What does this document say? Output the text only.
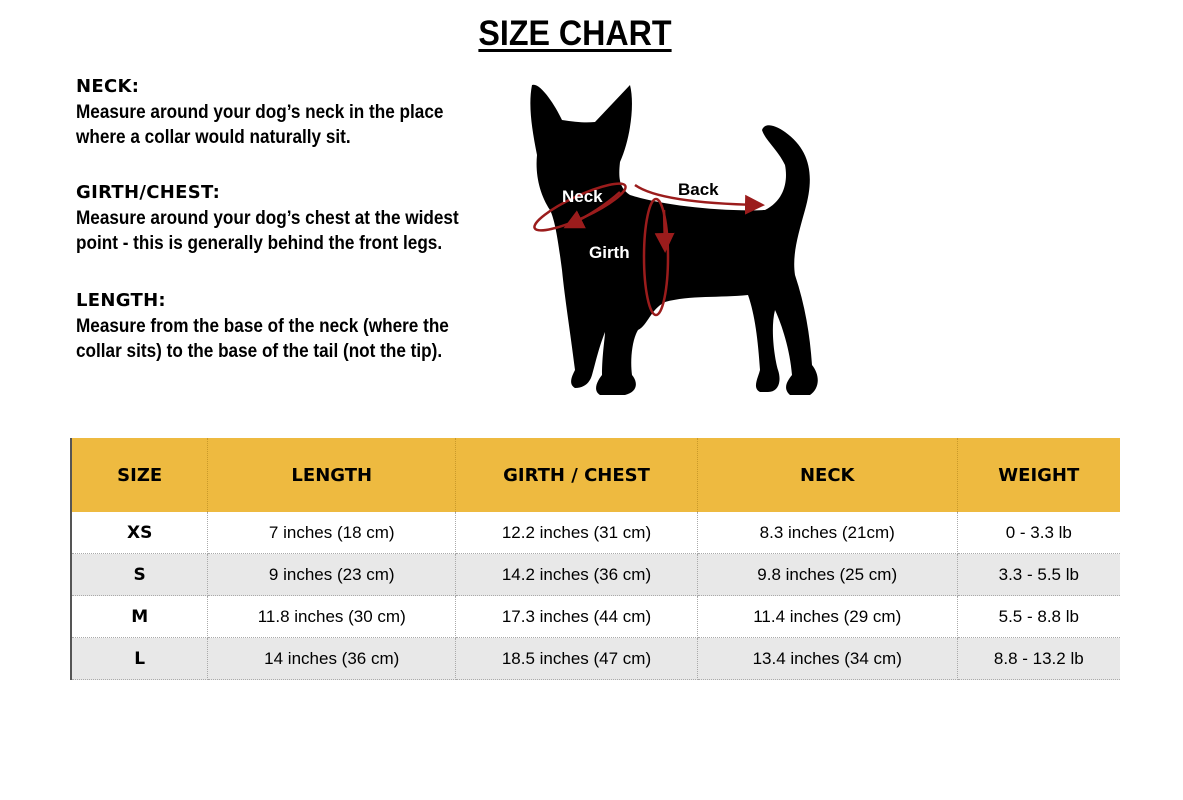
SIZE CHART
NECK:

Measure around your dog’s neck in the place
where a collar would naturally sit.

GIRTH/CHEST:

Measure around your dog’s chest at the widest
point - this is generally behind the front legs.

LENGTH:

Measure from the base of the neck (where the
collar sits) to the base of the tail (not the tip).

Neck	Back
Girth
SIZE	LENGTH	GIRTH / CHEST	NECK	WEIGHT
XS	7 inches (18 cm)	12.2 inches (31 cm)	8.3 inches (21cm)	0 - 3.3 lb
S	9 inches (23 cm)	14.2 inches (36 cm)	9.8 inches (25 cm)	3.3 - 5.5 lb
M	11.8 inches (30 cm)	17.3 inches (44 cm)	11.4 inches (29 cm)	5.5 - 8.8 lb
L	14 inches (36 cm)	18.5 inches (47 cm)	13.4 inches (34 cm)	8.8 - 13.2 lb
